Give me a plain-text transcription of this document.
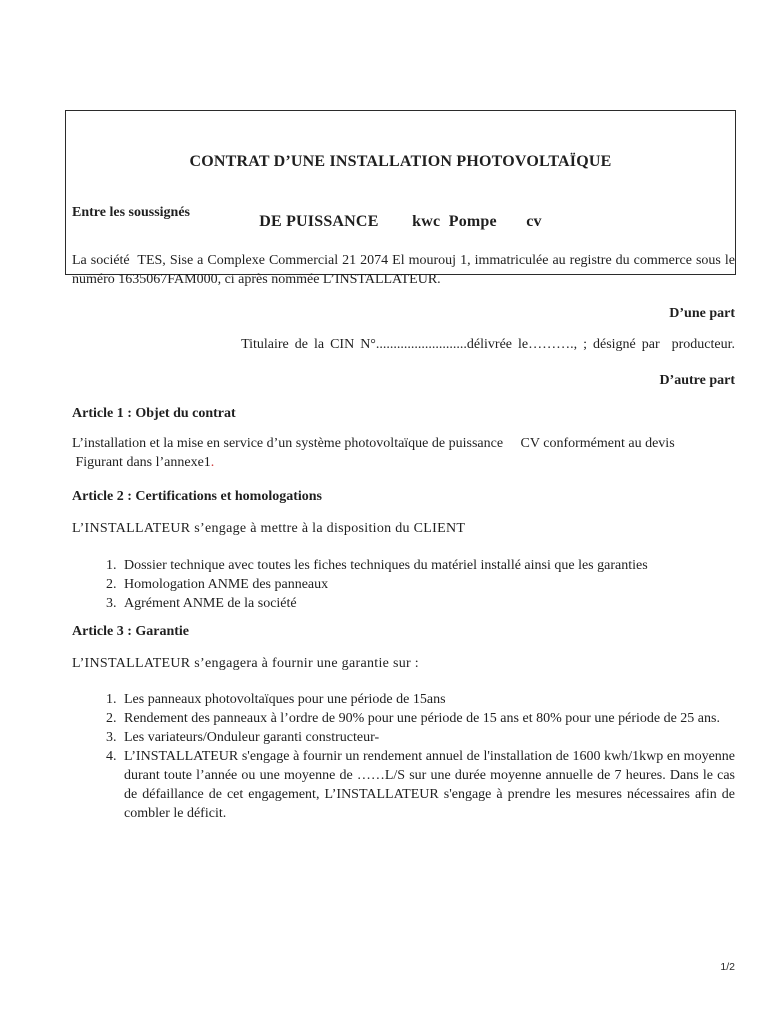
CONTRAT D’UNE INSTALLATION PHOTOVOLTAÏQUE

DE PUISSANCE        kwc  Pompe       cv

Entre les soussignés
La société  TES, Sise a Complexe Commercial 21 2074 El mourouj 1, immatriculée au registre du commerce sous le numéro 1635067FAM000, ci après nommée L’INSTALLATEUR.
D’une part
Titulaire de la CIN N°..........................délivrée le………., ; désigné par  producteur.
D’autre part
Article 1 : Objet du contrat
L’installation et la mise en service d’un système photovoltaïque de puissance     CV conformément au devis
Figurant dans l’annexe1.
Article 2 : Certifications et homologations
L’INSTALLATEUR s’engage à mettre à la disposition du CLIENT
1. Dossier technique avec toutes les fiches techniques du matériel installé ainsi que les garanties
2. Homologation ANME des panneaux
3. Agrément ANME de la société
Article 3 : Garantie
L’INSTALLATEUR s’engagera à fournir une garantie sur :
1. Les panneaux photovoltaïques pour une période de 15ans
2. Rendement des panneaux à l’ordre de 90% pour une période de 15 ans et 80% pour une période de 25 ans.
3. Les variateurs/Onduleur garanti constructeur-
4. L’INSTALLATEUR s'engage à fournir un rendement annuel de l'installation de 1600 kwh/1kwp en moyenne durant toute l’année ou une moyenne de ……L/S sur une durée moyenne annuelle de 7 heures. Dans le cas de défaillance de cet engagement, L’INSTALLATEUR s'engage à prendre les mesures nécessaires afin de combler le déficit.
1/2
